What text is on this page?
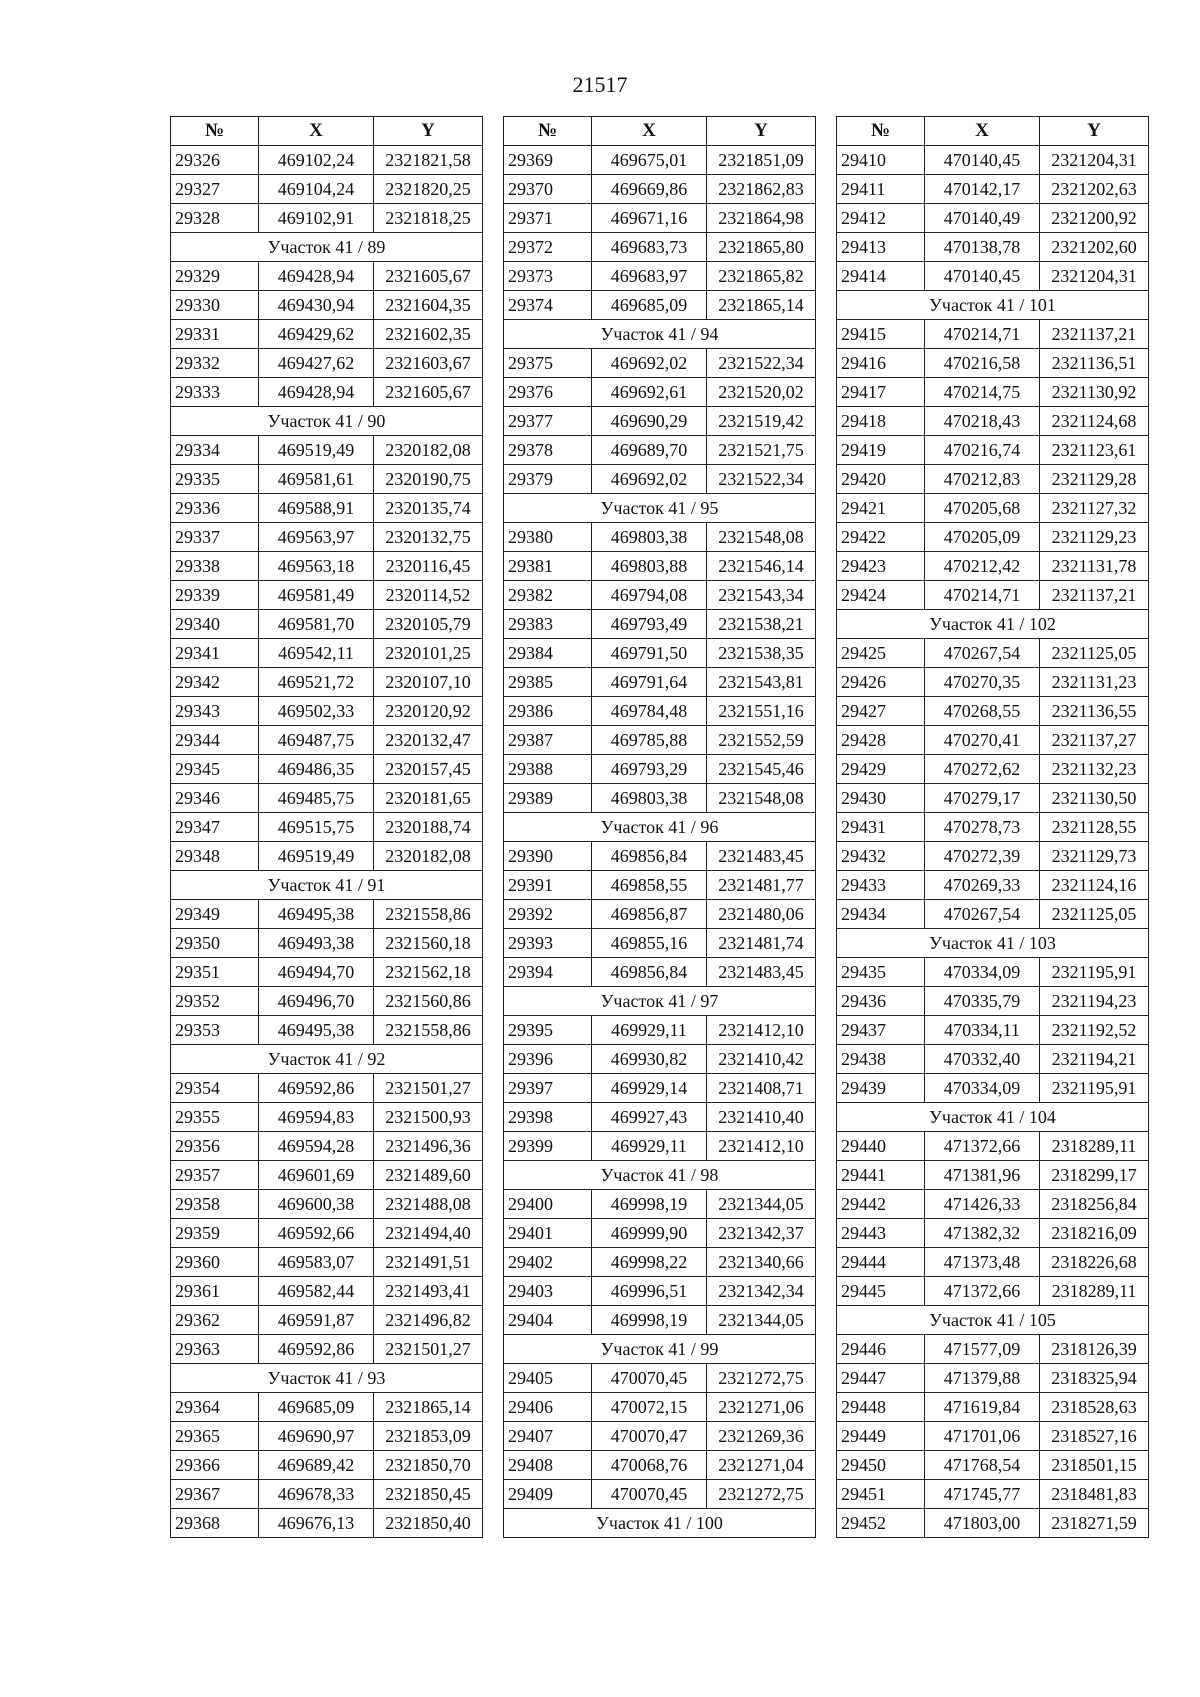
21517
№	X	Y
29326	469102,24	2321821,58
29327	469104,24	2321820,25
29328	469102,91	2321818,25
Участок 41 / 89		
29329	469428,94	2321605,67
29330	469430,94	2321604,35
29331	469429,62	2321602,35
29332	469427,62	2321603,67
29333	469428,94	2321605,67
Участок 41 / 90		
29334	469519,49	2320182,08
29335	469581,61	2320190,75
29336	469588,91	2320135,74
29337	469563,97	2320132,75
29338	469563,18	2320116,45
29339	469581,49	2320114,52
29340	469581,70	2320105,79
29341	469542,11	2320101,25
29342	469521,72	2320107,10
29343	469502,33	2320120,92
29344	469487,75	2320132,47
29345	469486,35	2320157,45
29346	469485,75	2320181,65
29347	469515,75	2320188,74
29348	469519,49	2320182,08
Участок 41 / 91		
29349	469495,38	2321558,86
29350	469493,38	2321560,18
29351	469494,70	2321562,18
29352	469496,70	2321560,86
29353	469495,38	2321558,86
Участок 41 / 92		
29354	469592,86	2321501,27
29355	469594,83	2321500,93
29356	469594,28	2321496,36
29357	469601,69	2321489,60
29358	469600,38	2321488,08
29359	469592,66	2321494,40
29360	469583,07	2321491,51
29361	469582,44	2321493,41
29362	469591,87	2321496,82
29363	469592,86	2321501,27
Участок 41 / 93		
29364	469685,09	2321865,14
29365	469690,97	2321853,09
29366	469689,42	2321850,70
29367	469678,33	2321850,45
29368	469676,13	2321850,40
№	X	Y
29369	469675,01	2321851,09
29370	469669,86	2321862,83
29371	469671,16	2321864,98
29372	469683,73	2321865,80
29373	469683,97	2321865,82
29374	469685,09	2321865,14
Участок 41 / 94		
29375	469692,02	2321522,34
29376	469692,61	2321520,02
29377	469690,29	2321519,42
29378	469689,70	2321521,75
29379	469692,02	2321522,34
Участок 41 / 95		
29380	469803,38	2321548,08
29381	469803,88	2321546,14
29382	469794,08	2321543,34
29383	469793,49	2321538,21
29384	469791,50	2321538,35
29385	469791,64	2321543,81
29386	469784,48	2321551,16
29387	469785,88	2321552,59
29388	469793,29	2321545,46
29389	469803,38	2321548,08
Участок 41 / 96		
29390	469856,84	2321483,45
29391	469858,55	2321481,77
29392	469856,87	2321480,06
29393	469855,16	2321481,74
29394	469856,84	2321483,45
Участок 41 / 97		
29395	469929,11	2321412,10
29396	469930,82	2321410,42
29397	469929,14	2321408,71
29398	469927,43	2321410,40
29399	469929,11	2321412,10
Участок 41 / 98		
29400	469998,19	2321344,05
29401	469999,90	2321342,37
29402	469998,22	2321340,66
29403	469996,51	2321342,34
29404	469998,19	2321344,05
Участок 41 / 99		
29405	470070,45	2321272,75
29406	470072,15	2321271,06
29407	470070,47	2321269,36
29408	470068,76	2321271,04
29409	470070,45	2321272,75
Участок 41 / 100		
№	X	Y
29410	470140,45	2321204,31
29411	470142,17	2321202,63
29412	470140,49	2321200,92
29413	470138,78	2321202,60
29414	470140,45	2321204,31
Участок 41 / 101		
29415	470214,71	2321137,21
29416	470216,58	2321136,51
29417	470214,75	2321130,92
29418	470218,43	2321124,68
29419	470216,74	2321123,61
29420	470212,83	2321129,28
29421	470205,68	2321127,32
29422	470205,09	2321129,23
29423	470212,42	2321131,78
29424	470214,71	2321137,21
Участок 41 / 102		
29425	470267,54	2321125,05
29426	470270,35	2321131,23
29427	470268,55	2321136,55
29428	470270,41	2321137,27
29429	470272,62	2321132,23
29430	470279,17	2321130,50
29431	470278,73	2321128,55
29432	470272,39	2321129,73
29433	470269,33	2321124,16
29434	470267,54	2321125,05
Участок 41 / 103		
29435	470334,09	2321195,91
29436	470335,79	2321194,23
29437	470334,11	2321192,52
29438	470332,40	2321194,21
29439	470334,09	2321195,91
Участок 41 / 104		
29440	471372,66	2318289,11
29441	471381,96	2318299,17
29442	471426,33	2318256,84
29443	471382,32	2318216,09
29444	471373,48	2318226,68
29445	471372,66	2318289,11
Участок 41 / 105		
29446	471577,09	2318126,39
29447	471379,88	2318325,94
29448	471619,84	2318528,63
29449	471701,06	2318527,16
29450	471768,54	2318501,15
29451	471745,77	2318481,83
29452	471803,00	2318271,59
